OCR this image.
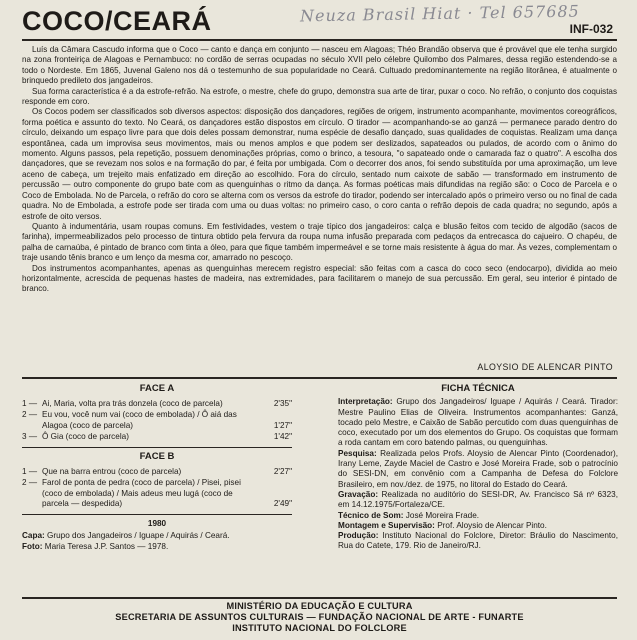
COCO/CEARÁ	Neuza Brasil Hiat · Tel 657685
INF-032

Luís da Câmara Cascudo informa que o Coco — canto e dança em conjunto — nasceu em Alagoas; Théo Brandão observa que é provável que ele tenha surgido na zona fronteiriça de Alagoas e Pernambuco: no cordão de serras ocupadas no século XVII pelo célebre Quilombo dos Palmares, dessa região estendendo-se a todo o Nordeste. Em 1865, Juvenal Galeno nos dá o testemunho de sua popularidade no Ceará. Cultuado predominantemente na região litorânea, é atualmente o brinquedo predileto dos jangadeiros.

Sua forma característica é a da estrofe-refrão. Na estrofe, o mestre, chefe do grupo, demonstra sua arte de tirar, puxar o coco. No refrão, o conjunto dos coquistas responde em coro.

Os Cocos podem ser classificados sob diversos aspectos: disposição dos dançadores, regiões de origem, instrumento acompanhante, movimentos coreográficos, forma poética e assunto do texto. No Ceará, os dançadores estão dispostos em círculo. O tirador — acompanhando-se ao ganzá — permanece parado dentro do círculo, deixando um espaço livre para que dois deles possam demonstrar, numa espécie de desafio dançado, suas qualidades de coquistas. Realizam uma dança espontânea, cada um improvisa seus movimentos, mais ou menos amplos e que podem ser deslizados, sapateados ou pulados, de acordo com o ânimo do momento. Alguns passos, pela repetição, possuem denominações próprias, como o brinco, a tesoura, "o sapateado onde o camarada faz o quatro". A escolha dos dançadores, que se revezam nos solos e na formação do par, é feita por umbigada. Com o decorrer dos anos, foi sendo substituída por uma aproximação, um leve aceno de cabeça, um trejeito mais enfatizado em direção ao escolhido. Fora do círculo, sentado num caixote de sabão — transformado em instrumento de percussão — outro componente do grupo bate com as quenguinhas o ritmo da dança. As formas poéticas mais difundidas na região são: o Coco de Parcela e o Coco de Embolada. No de Parcela, o refrão do coro se alterna com os versos da estrofe do tirador, podendo ser intercalado após o primeiro verso ou no final de cada quadra. No de Embolada, a estrofe pode ser tirada com uma ou duas voltas: no primeiro caso, o coro canta o refrão depois de cada quadra; no segundo, após a estrofe de oito versos.

Quanto à indumentária, usam roupas comuns. Em festividades, vestem o traje típico dos jangadeiros: calça e blusão feitos com tecido de algodão (sacos de farinha), impermeabilizados pelo processo de tintura obtido pela fervura da roupa numa infusão preparada com pedaços da entrecasca do cajueiro. O chapéu, de palha de carnaúba, é pintado de branco com tinta a óleo, para que fique também impermeável e se torne mais resistente à água do mar. Às vezes, complementam o traje usando tênis branco e um lenço da mesma cor, amarrado no pescoço.

Dos instrumentos acompanhantes, apenas as quenguinhas merecem registro especial: são feitas com a casca do coco seco (endocarpo), dividida ao meio horizontalmente, acrescida de pequenas hastes de madeira, nas extremidades, para facilitarem o manejo de sua percussão. Em geral, seu interior é pintado de branco.

ALOYSIO DE ALENCAR PINTO
FACE A
1 — Ai, Maria, volta pra trás donzela (coco de parcela)	2'35"
2 — Eu vou, você num vai (coco de embolada) / Ô aiá das Alagoa (coco de parcela)	1'27"
3 — Ô Gia (coco de parcela)	1'42"
FACE B
1 — Que na barra entrou (coco de parcela)	2'27"
2 — Farol de ponta de pedra (coco de parcela) / Pisei, pisei (coco de embolada) / Mais adeus meu lugá (coco de parcela — despedida)	2'49"
1980
Capa: Grupo dos Jangadeiros / Iguape / Aquirás / Ceará.
Foto: Maria Teresa J.P. Santos — 1978.
FICHA TÉCNICA
Interpretação: Grupo dos Jangadeiros/ Iguape / Aquirás / Ceará. Tirador: Mestre Paulino Elias de Oliveira. Instrumentos acompanhantes: Ganzá, tocado pelo Mestre, e Caixão de Sabão percutido com duas quenguinhas de coco, executado por um dos elementos do Grupo. Os coquistas que formam a roda cantam em coro batendo palmas, ou quenguinhas.
Pesquisa: Realizada pelos Profs. Aloysio de Alencar Pinto (Coordenador), Irany Leme, Zayde Maciel de Castro e José Moreira Frade, sob o patrocínio do SESI-DN, em convênio com a Campanha de Defesa do Folclore Brasileiro, em nov./dez. de 1975, no litoral do Estado do Ceará.
Gravação: Realizada no auditório do SESI-DR, Av. Francisco Sá nº 6323, em 14.12.1975/Fortaleza/CE.
Técnico de Som: José Moreira Frade.
Montagem e Supervisão: Prof. Aloysio de Alencar Pinto.
Produção: Instituto Nacional do Folclore, Diretor: Bráulio do Nascimento, Rua do Catete, 179. Rio de Janeiro/RJ.
MINISTÉRIO DA EDUCAÇÃO E CULTURA
SECRETARIA DE ASSUNTOS CULTURAIS — FUNDAÇÃO NACIONAL DE ARTE - FUNARTE
INSTITUTO NACIONAL DO FOLCLORE
